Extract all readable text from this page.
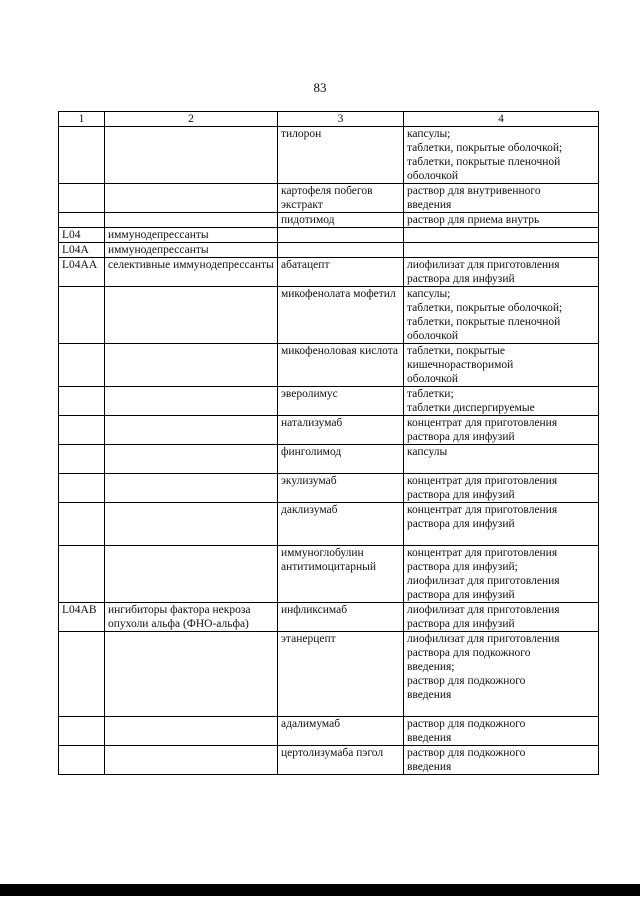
83
1	2	3	4
		тилорон	капсулы;
таблетки, покрытые оболочкой;
таблетки, покрытые пленочной
оболочкой

		картофеля побегов экстракт	раствор для внутривенного
введения

		пидотимод	раствор для приема внутрь

L04	иммунодепрессанты		
L04A	иммунодепрессанты		
L04AA	селективные иммунодепрессанты	абатацепт	лиофилизат для приготовления
раствора для инфузий

		микофенолата мофетил	капсулы;
таблетки, покрытые оболочкой;
таблетки, покрытые пленочной
оболочкой

		микофеноловая кислота	таблетки, покрытые
кишечнорастворимой
оболочкой

		эверолимус	таблетки;
таблетки диспергируемые

		натализумаб	концентрат для приготовления
раствора для инфузий

		финголимод	капсулы

		экулизумаб	концентрат для приготовления
раствора для инфузий

		даклизумаб	концентрат для приготовления
раствора для инфузий

		иммуноглобулин антитимоцитарный	концентрат для приготовления
раствора для инфузий;
лиофилизат для приготовления
раствора для инфузий

L04AB	ингибиторы фактора некроза опухоли альфа (ФНО-альфа)	инфликсимаб	лиофилизат для приготовления
раствора для инфузий

		этанерцепт	лиофилизат для приготовления
раствора для подкожного
введения;
раствор для подкожного
введения

		адалимумаб	раствор для подкожного
введения

		цертолизумаба пэгол	раствор для подкожного
введения
